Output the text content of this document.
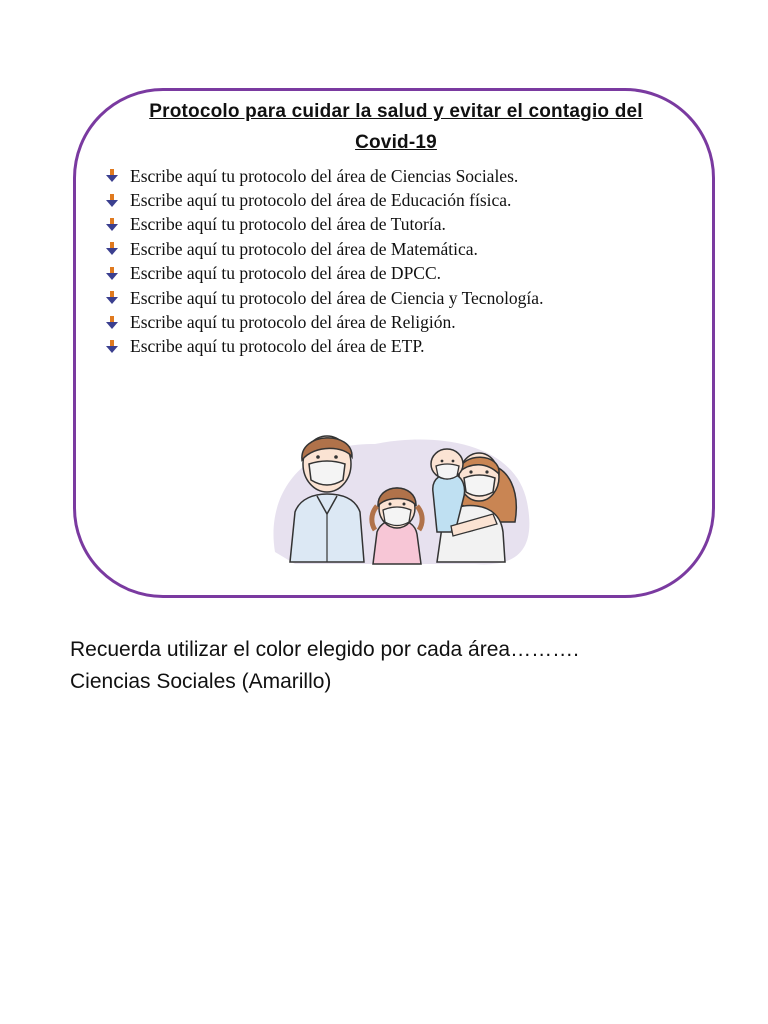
Protocolo para cuidar la salud y evitar el contagio del
Covid-19
Escribe aquí tu protocolo del área de Ciencias Sociales.
Escribe aquí tu protocolo del área de Educación física.
Escribe aquí tu protocolo del área de Tutoría.
Escribe aquí tu protocolo del área de Matemática.
Escribe aquí tu protocolo del área de DPCC.
Escribe aquí tu protocolo del área de Ciencia y Tecnología.
Escribe aquí tu protocolo del área de Religión.
Escribe aquí tu protocolo del área de ETP.
Recuerda utilizar el color elegido por cada área……….
Ciencias Sociales (Amarillo)
